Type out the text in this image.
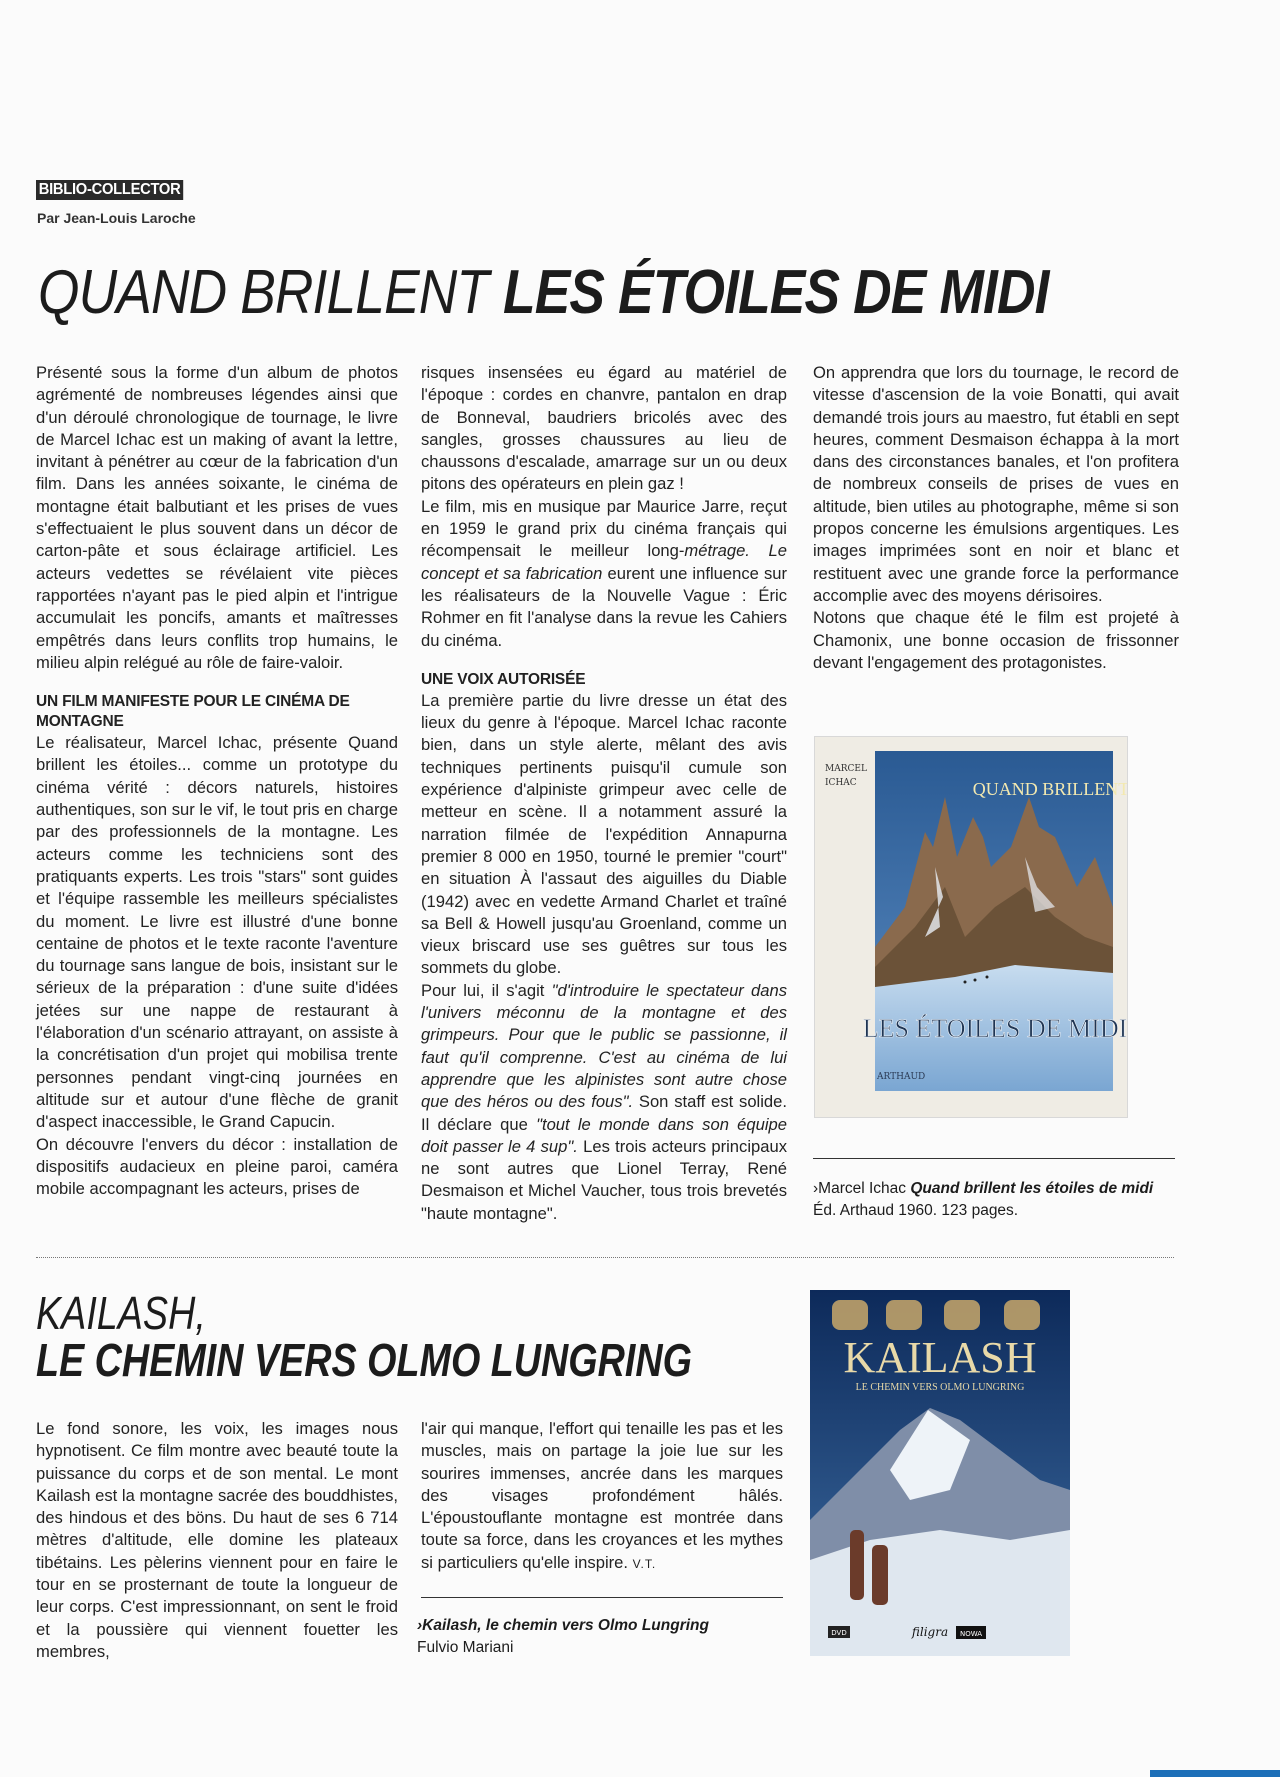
BIBLIO-COLLECTOR
Par Jean-Louis Laroche
QUAND BRILLENT LES ÉTOILES DE MIDI

Présenté sous la forme d'un album de photos agrémenté de nombreuses légendes ainsi que d'un déroulé chronologique de tournage, le livre de Marcel Ichac est un making of avant la lettre, invitant à pénétrer au cœur de la fabrication d'un film. Dans les années soixante, le cinéma de montagne était balbutiant et les prises de vues s'effectuaient le plus souvent dans un décor de carton-pâte et sous éclairage artificiel. Les acteurs vedettes se révélaient vite pièces rapportées n'ayant pas le pied alpin et l'intrigue accumulait les poncifs, amants et maîtresses empêtrés dans leurs conflits trop humains, le milieu alpin relégué au rôle de faire-valoir.

UN FILM MANIFESTE POUR LE CINÉMA DE MONTAGNE

Le réalisateur, Marcel Ichac, présente Quand brillent les étoiles... comme un prototype du cinéma vérité : décors naturels, histoires authentiques, son sur le vif, le tout pris en charge par des professionnels de la montagne. Les acteurs comme les techniciens sont des pratiquants experts. Les trois "stars" sont guides et l'équipe rassemble les meilleurs spécialistes du moment. Le livre est illustré d'une bonne centaine de photos et le texte raconte l'aventure du tournage sans langue de bois, insistant sur le sérieux de la préparation : d'une suite d'idées jetées sur une nappe de restaurant à l'élaboration d'un scénario attrayant, on assiste à la concrétisation d'un projet qui mobilisa trente personnes pendant vingt-cinq journées en altitude sur et autour d'une flèche de granit d'aspect inaccessible, le Grand Capucin.

On découvre l'envers du décor : installation de dispositifs audacieux en pleine paroi, caméra mobile accompagnant les acteurs, prises de

risques insensées eu égard au matériel de l'époque : cordes en chanvre, pantalon en drap de Bonneval, baudriers bricolés avec des sangles, grosses chaussures au lieu de chaussons d'escalade, amarrage sur un ou deux pitons des opérateurs en plein gaz !

Le film, mis en musique par Maurice Jarre, reçut en 1959 le grand prix du cinéma français qui récompensait le meilleur long-métrage. Le concept et sa fabrication eurent une influence sur les réalisateurs de la Nouvelle Vague : Éric Rohmer en fit l'analyse dans la revue les Cahiers du cinéma.

UNE VOIX AUTORISÉE

La première partie du livre dresse un état des lieux du genre à l'époque. Marcel Ichac raconte bien, dans un style alerte, mêlant des avis techniques pertinents puisqu'il cumule son expérience d'alpiniste grimpeur avec celle de metteur en scène. Il a notamment assuré la narration filmée de l'expédition Annapurna premier 8 000 en 1950, tourné le premier "court" en situation À l'assaut des aiguilles du Diable (1942) avec en vedette Armand Charlet et traîné sa Bell & Howell jusqu'au Groenland, comme un vieux briscard use ses guêtres sur tous les sommets du globe.

Pour lui, il s'agit "d'introduire le spectateur dans l'univers méconnu de la montagne et des grimpeurs. Pour que le public se passionne, il faut qu'il comprenne. C'est au cinéma de lui apprendre que les alpinistes sont autre chose que des héros ou des fous". Son staff est solide. Il déclare que "tout le monde dans son équipe doit passer le 4 sup". Les trois acteurs principaux ne sont autres que Lionel Terray, René Desmaison et Michel Vaucher, tous trois brevetés "haute montagne".

On apprendra que lors du tournage, le record de vitesse d'ascension de la voie Bonatti, qui avait demandé trois jours au maestro, fut établi en sept heures, comment Desmaison échappa à la mort dans des circonstances banales, et l'on profitera de nombreux conseils de prises de vues en altitude, bien utiles au photographe, même si son propos concerne les émulsions argentiques. Les images imprimées sont en noir et blanc et restituent avec une grande force la performance accomplie avec des moyens dérisoires.

Notons que chaque été le film est projeté à Chamonix, une bonne occasion de frissonner devant l'engagement des protagonistes.

MARCEL
ICHAC	QUAND BRILLENT
LES ÉTOILES DE MIDI
ARTHAUD
›Marcel Ichac Quand brillent les étoiles de midi
Éd. Arthaud 1960. 123 pages.
KAILASH,
LE CHEMIN VERS OLMO LUNGRING

Le fond sonore, les voix, les images nous hypnotisent. Ce film montre avec beauté toute la puissance du corps et de son mental. Le mont Kailash est la montagne sacrée des bouddhistes, des hindous et des böns. Du haut de ses 6 714 mètres d'altitude, elle domine les plateaux tibétains. Les pèlerins viennent pour en faire le tour en se prosternant de toute la longueur de leur corps. C'est impressionnant, on sent le froid et la poussière qui viennent fouetter les membres,

l'air qui manque, l'effort qui tenaille les pas et les muscles, mais on partage la joie lue sur les sourires immenses, ancrée dans les marques des visages profondément hâlés. L'époustouflante montagne est montrée dans toute sa force, dans les croyances et les mythes si particuliers qu'elle inspire. V.T.

›Kailash, le chemin vers Olmo Lungring
Fulvio Mariani
KAILASH
LE CHEMIN VERS OLMO LUNGRING
DVD	filigra NOWA
